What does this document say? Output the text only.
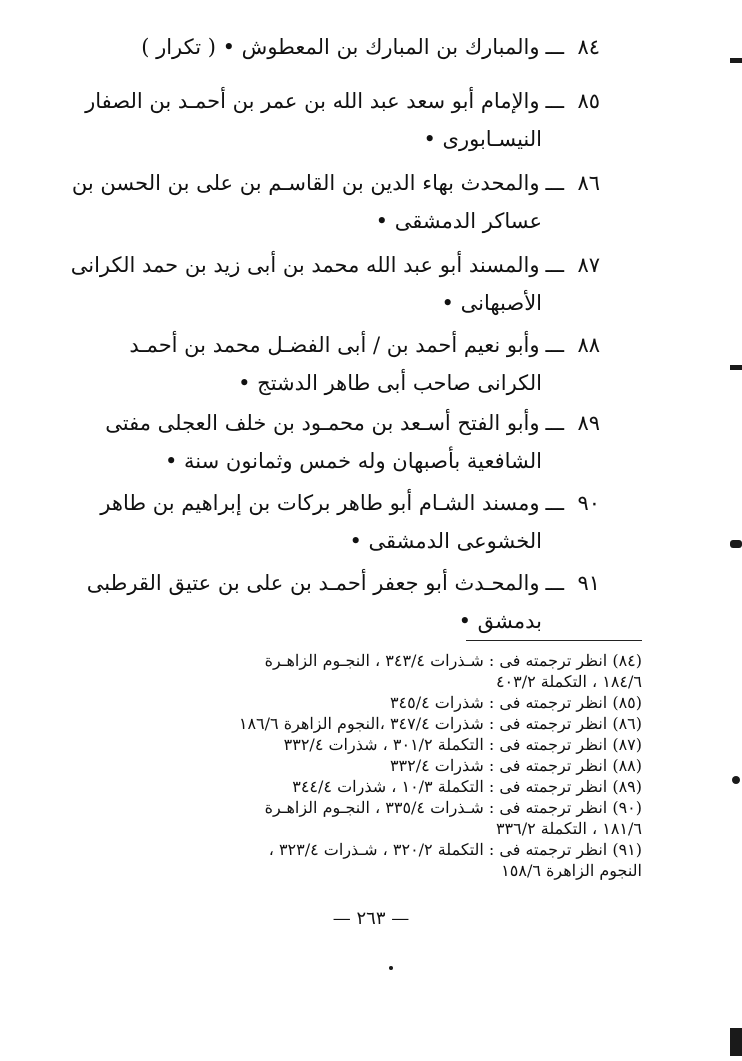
٨٤ـــوالمبارك بن المبارك بن المعطوش • ( تكرار )
٨٥ـــوالإمام أبو سعد عبد الله بن عمر بن أحمـد بن الصفار
النيسـابورى •
٨٦ـــوالمحدث بهاء الدين بن القاسـم بن على بن الحسن بن
عساكر الدمشقى •
٨٧ـــوالمسند أبو عبد الله محمد بن أبى زيد بن حمد الكرانى
الأصبهانى •
٨٨ـــوأبو نعيم أحمد بن / أبى الفضـل محمد بن أحمـد
الكرانى صاحب أبى طاهر الدشتج •
٨٩ـــوأبو الفتح أسـعد بن محمـود بن خلف العجلى مفتى
الشافعية بأصبهان وله خمس وثمانون سنة •
٩٠ـــومسند الشـام أبو طاهر بركات بن إبراهيم بن طاهر
الخشوعى الدمشقى •
٩١ـــوالمحـدث أبو جعفر أحمـد بن على بن عتيق القرطبى
بدمشق •
(٨٤) انظر ترجمته فى : شـذرات ٣٤٣/٤ ، النجـوم الزاهـرة
١٨٤/٦ ، التكملة ٤٠٣/٢
(٨٥) انظر ترجمته فى : شذرات ٣٤٥/٤
(٨٦) انظر ترجمته فى : شذرات ٣٤٧/٤ ،النجوم الزاهرة ١٨٦/٦
(٨٧) انظر ترجمته فى : التكملة ٣٠١/٢ ، شذرات ٣٣٢/٤
(٨٨) انظر ترجمته فى : شذرات ٣٣٢/٤
(٨٩) انظر ترجمته فى : التكملة ١٠/٣ ، شذرات ٣٤٤/٤
(٩٠) انظر ترجمته فى : شـذرات ٣٣٥/٤ ، النجـوم الزاهـرة
١٨١/٦ ، التكملة ٣٣٦/٢
(٩١) انظر ترجمته فى : التكملة ٣٢٠/٢ ، شـذرات ٣٢٣/٤ ،
النجوم الزاهرة ١٥٨/٦
— ٢٦٣ —
